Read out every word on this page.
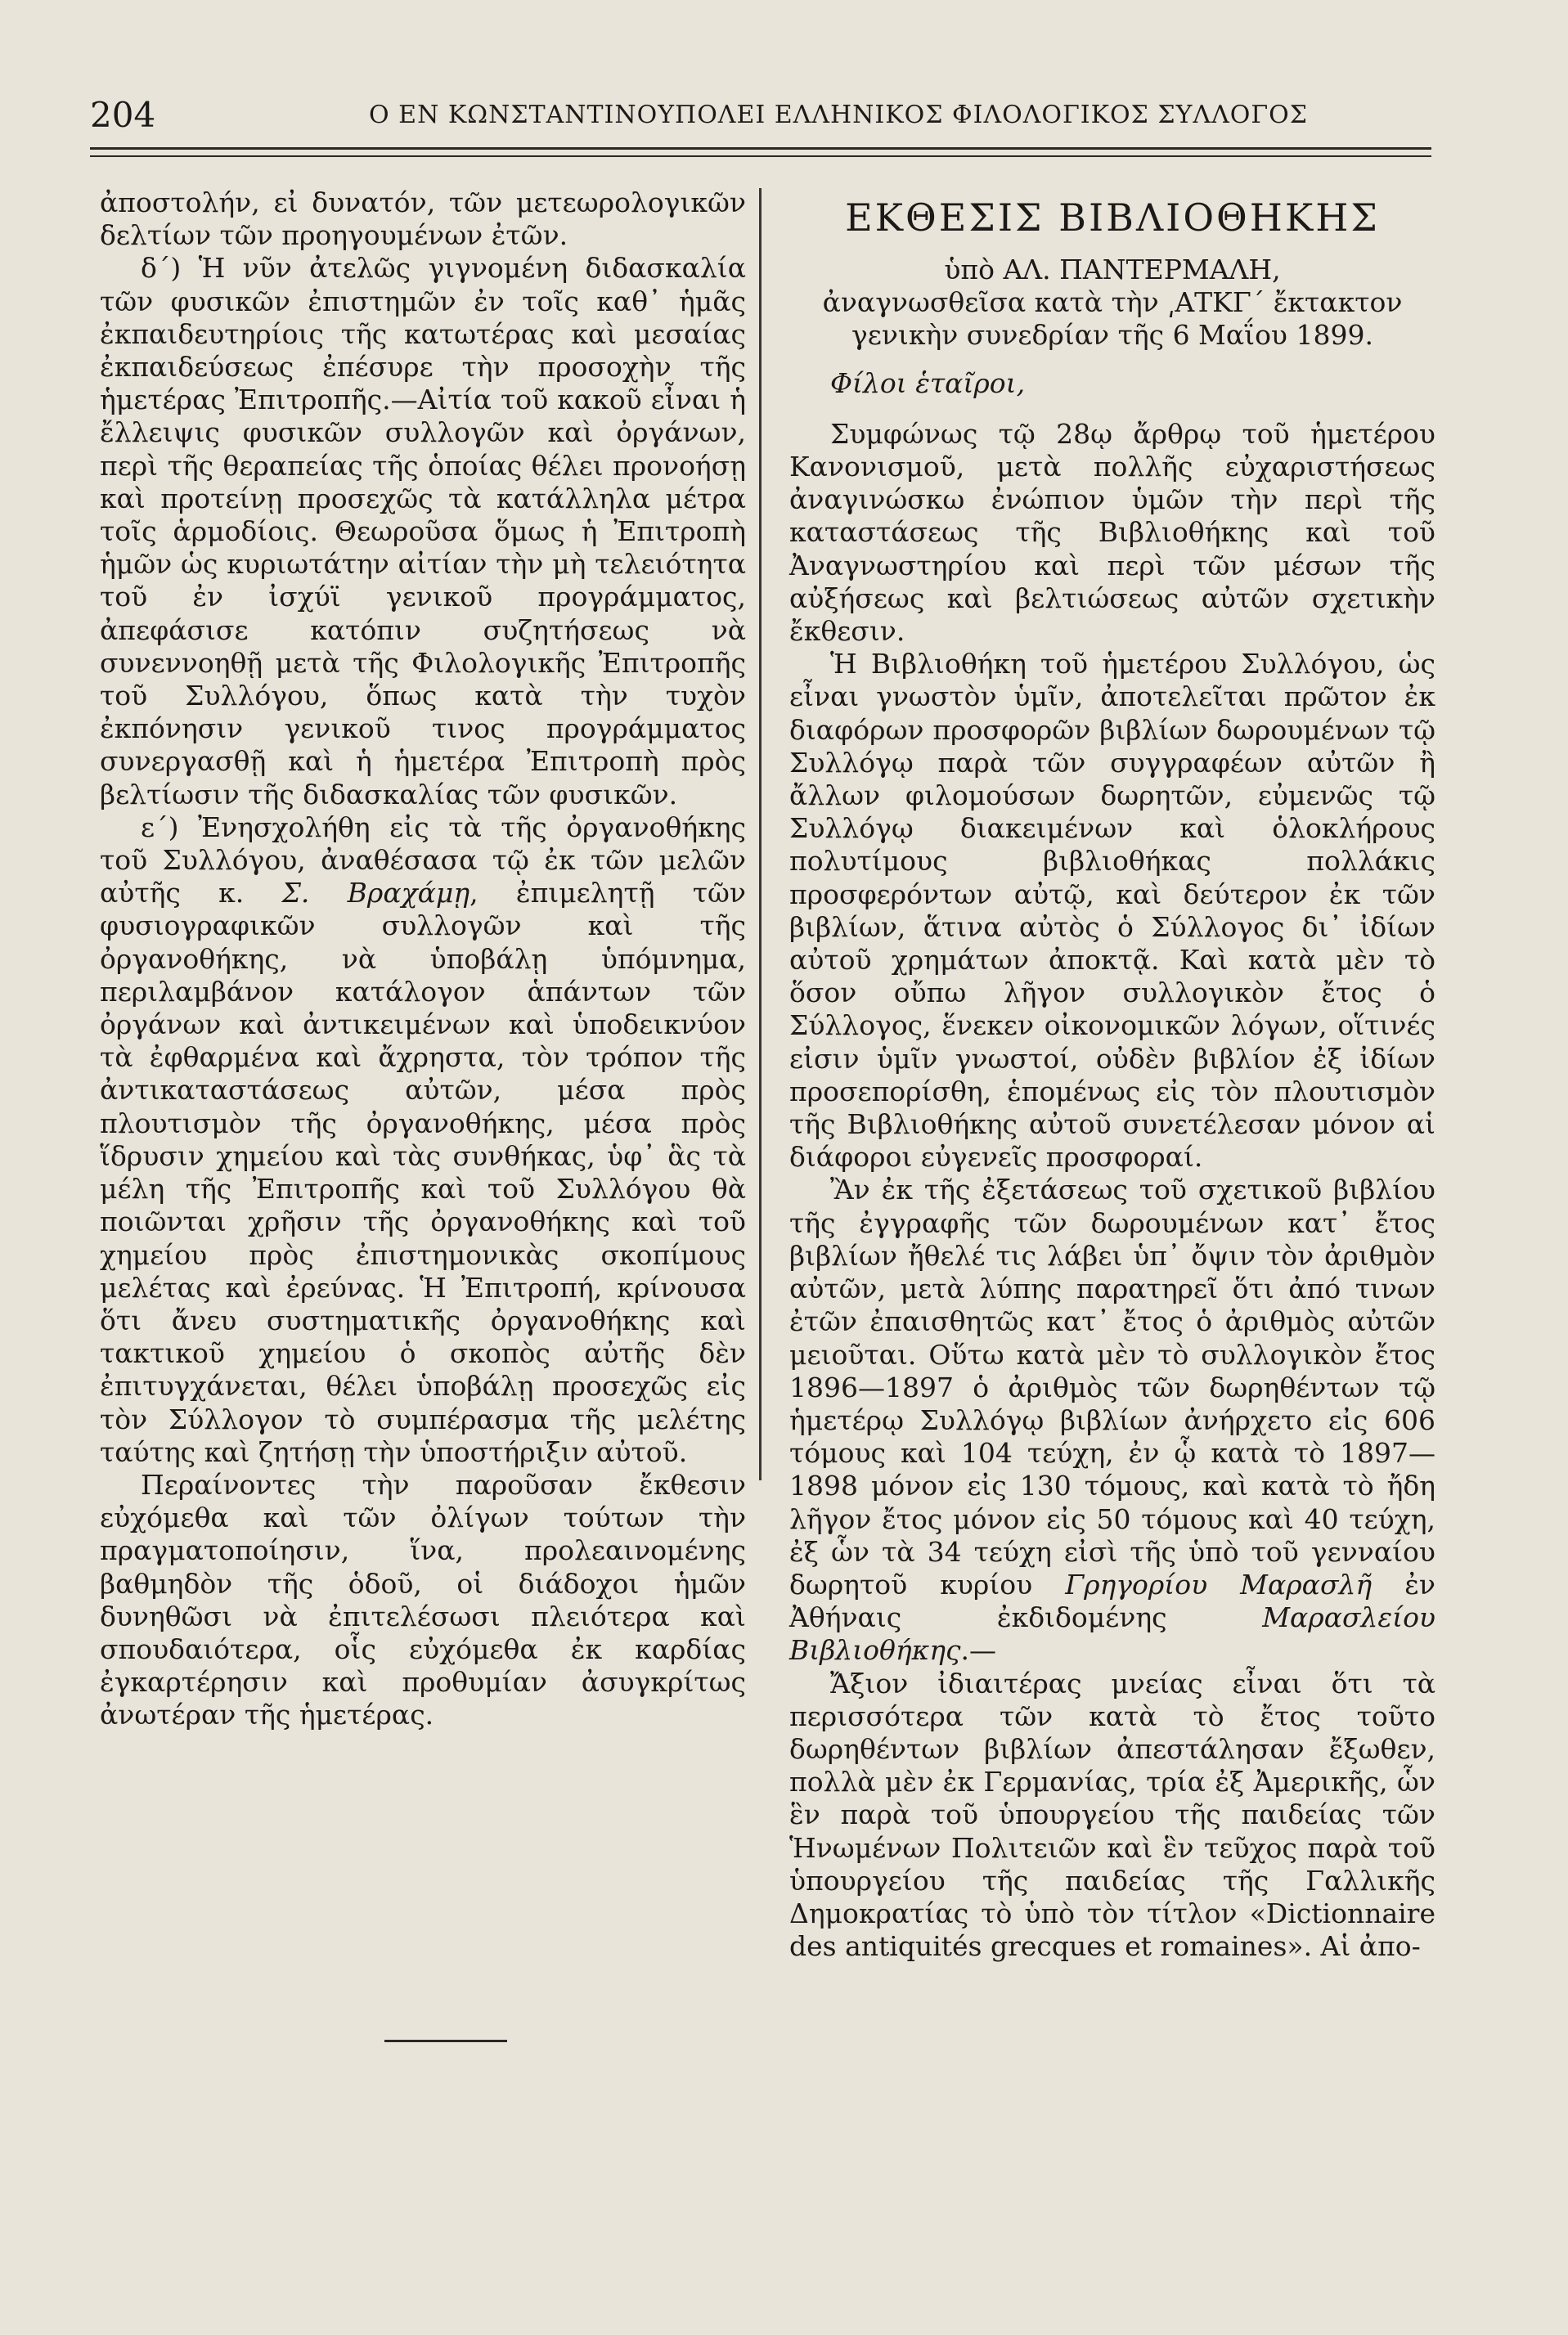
204	Ο ΕΝ ΚΩΝΣΤΑΝΤΙΝΟΥΠΟΛΕΙ ΕΛΛΗΝΙΚΟΣ ΦΙΛΟΛΟΓΙΚΟΣ ΣΥΛΛΟΓΟΣ

ἀποστολήν, εἰ δυνατόν, τῶν μετεωρολογικῶν δελτίων τῶν προηγουμένων ἐτῶν.

δ΄) Ἡ νῦν ἀτελῶς γιγνομένη διδασκαλία τῶν φυσικῶν ἐπιστημῶν ἐν τοῖς καθ᾽ ἡμᾶς ἐκπαιδευτηρίοις τῆς κατωτέρας καὶ μεσαίας ἐκπαιδεύσεως ἐπέσυρε τὴν προσοχὴν τῆς ἡμετέρας Ἐπιτροπῆς.—Αἰτία τοῦ κακοῦ εἶναι ἡ ἔλλειψις φυσικῶν συλλογῶν καὶ ὀργάνων, περὶ τῆς θεραπείας τῆς ὁποίας θέλει προνοήσῃ καὶ προτείνῃ προσεχῶς τὰ κατάλληλα μέτρα τοῖς ἁρμοδίοις. Θεωροῦσα ὅμως ἡ Ἐπιτροπὴ ἡμῶν ὡς κυριωτάτην αἰτίαν τὴν μὴ τελειότητα τοῦ ἐν ἰσχύϊ γενικοῦ προγράμματος, ἀπεφάσισε κατόπιν συζητήσεως νὰ συνεννοηθῇ μετὰ τῆς Φιλολογικῆς Ἐπιτροπῆς τοῦ Συλλόγου, ὅπως κατὰ τὴν τυχὸν ἐκπόνησιν γενικοῦ τινος προγράμματος συνεργασθῇ καὶ ἡ ἡμετέρα Ἐπιτροπὴ πρὸς βελτίωσιν τῆς διδασκαλίας τῶν φυσικῶν.

ε΄) Ἐνησχολήθη εἰς τὰ τῆς ὀργανοθήκης τοῦ Συλλόγου, ἀναθέσασα τῷ ἐκ τῶν μελῶν αὐτῆς κ. Σ. Βραχάμῃ, ἐπιμελητῇ τῶν φυσιογραφικῶν συλλογῶν καὶ τῆς ὀργανοθήκης, νὰ ὑποβάλῃ ὑπόμνημα, περιλαμβάνον κατάλογον ἁπάντων τῶν ὀργάνων καὶ ἀντικειμένων καὶ ὑποδεικνύον τὰ ἐφθαρμένα καὶ ἄχρηστα, τὸν τρόπον τῆς ἀντικαταστάσεως αὐτῶν, μέσα πρὸς πλουτισμὸν τῆς ὀργανοθήκης, μέσα πρὸς ἵδρυσιν χημείου καὶ τὰς συνθήκας, ὑφ᾽ ἃς τὰ μέλη τῆς Ἐπιτροπῆς καὶ τοῦ Συλλόγου θὰ ποιῶνται χρῆσιν τῆς ὀργανοθήκης καὶ τοῦ χημείου πρὸς ἐπιστημονικὰς σκοπίμους μελέτας καὶ ἐρεύνας. Ἡ Ἐπιτροπή, κρίνουσα ὅτι ἄνευ συστηματικῆς ὀργανοθήκης καὶ τακτικοῦ χημείου ὁ σκοπὸς αὐτῆς δὲν ἐπιτυγχάνεται, θέλει ὑποβάλῃ προσεχῶς εἰς τὸν Σύλλογον τὸ συμπέρασμα τῆς μελέτης ταύτης καὶ ζητήσῃ τὴν ὑποστήριξιν αὐτοῦ.

Περαίνοντες τὴν παροῦσαν ἔκθεσιν εὐχόμεθα καὶ τῶν ὀλίγων τούτων τὴν πραγματοποίησιν, ἵνα, προλεαινομένης βαθμηδὸν τῆς ὁδοῦ, οἱ διάδοχοι ἡμῶν δυνηθῶσι νὰ ἐπιτελέσωσι πλειότερα καὶ σπουδαιότερα, οἷς εὐχόμεθα ἐκ καρδίας ἐγκαρτέρησιν καὶ προθυμίαν ἀσυγκρίτως ἀνωτέραν τῆς ἡμετέρας.

ΕΚΘΕΣΙΣ ΒΙΒΛΙΟΘΗΚΗΣ

ὑπὸ ΑΛ. ΠΑΝΤΕΡΜΑΛΗ,

ἀναγνωσθεῖσα κατὰ τὴν ͵ΑΤΚΓ΄ ἔκτακτον

γενικὴν συνεδρίαν τῆς 6 Μαΐου 1899.

Φίλοι ἑταῖροι,

Συμφώνως τῷ 28ῳ ἄρθρῳ τοῦ ἡμετέρου Κανονισμοῦ, μετὰ πολλῆς εὐχαριστήσεως ἀναγινώσκω ἐνώπιον ὑμῶν τὴν περὶ τῆς καταστάσεως τῆς Βιβλιοθήκης καὶ τοῦ Ἀναγνωστηρίου καὶ περὶ τῶν μέσων τῆς αὐξήσεως καὶ βελτιώσεως αὐτῶν σχετικὴν ἔκθεσιν.

Ἡ Βιβλιοθήκη τοῦ ἡμετέρου Συλλόγου, ὡς εἶναι γνωστὸν ὑμῖν, ἀποτελεῖται πρῶτον ἐκ διαφόρων προσφορῶν βιβλίων δωρουμένων τῷ Συλλόγῳ παρὰ τῶν συγγραφέων αὐτῶν ἢ ἄλλων φιλομούσων δωρητῶν, εὐμενῶς τῷ Συλλόγῳ διακειμένων καὶ ὁλοκλήρους πολυτίμους βιβλιοθήκας πολλάκις προσφερόντων αὐτῷ, καὶ δεύτερον ἐκ τῶν βιβλίων, ἅτινα αὐτὸς ὁ Σύλλογος δι᾽ ἰδίων αὐτοῦ χρημάτων ἀποκτᾷ. Καὶ κατὰ μὲν τὸ ὅσον οὔπω λῆγον συλλογικὸν ἔτος ὁ Σύλλογος, ἕνεκεν οἰκονομικῶν λόγων, οἵτινές εἰσιν ὑμῖν γνωστοί, οὐδὲν βιβλίον ἐξ ἰδίων προσεπορίσθη, ἑπομένως εἰς τὸν πλουτισμὸν τῆς Βιβλιοθήκης αὐτοῦ συνετέλεσαν μόνον αἱ διάφοροι εὐγενεῖς προσφοραί.

Ἂν ἐκ τῆς ἐξετάσεως τοῦ σχετικοῦ βιβλίου τῆς ἐγγραφῆς τῶν δωρουμένων κατ᾽ ἔτος βιβλίων ἤθελέ τις λάβει ὑπ᾽ ὄψιν τὸν ἀριθμὸν αὐτῶν, μετὰ λύπης παρατηρεῖ ὅτι ἀπό τινων ἐτῶν ἐπαισθητῶς κατ᾽ ἔτος ὁ ἀριθμὸς αὐτῶν μειοῦται. Οὕτω κατὰ μὲν τὸ συλλογικὸν ἔτος 1896—1897 ὁ ἀριθμὸς τῶν δωρηθέντων τῷ ἡμετέρῳ Συλλόγῳ βιβλίων ἀνήρχετο εἰς 606 τόμους καὶ 104 τεύχη, ἐν ᾧ κατὰ τὸ 1897—1898 μόνον εἰς 130 τόμους, καὶ κατὰ τὸ ἤδη λῆγον ἔτος μόνον εἰς 50 τόμους καὶ 40 τεύχη, ἐξ ὧν τὰ 34 τεύχη εἰσὶ τῆς ὑπὸ τοῦ γενναίου δωρητοῦ κυρίου Γρηγορίου Μαρασλῆ ἐν Ἀθήναις ἐκδιδομένης Μαρασλείου Βιβλιοθήκης.—

Ἄξιον ἰδιαιτέρας μνείας εἶναι ὅτι τὰ περισσότερα τῶν κατὰ τὸ ἔτος τοῦτο δωρηθέντων βιβλίων ἀπεστάλησαν ἔξωθεν, πολλὰ μὲν ἐκ Γερμανίας, τρία ἐξ Ἀμερικῆς, ὧν ἓν παρὰ τοῦ ὑπουργείου τῆς παιδείας τῶν Ἡνωμένων Πολιτειῶν καὶ ἓν τεῦχος παρὰ τοῦ ὑπουργείου τῆς παιδείας τῆς Γαλλικῆς Δημοκρατίας τὸ ὑπὸ τὸν τίτλον «Dictionnaire des antiquités grecques et romaines». Αἱ ἀπο-
